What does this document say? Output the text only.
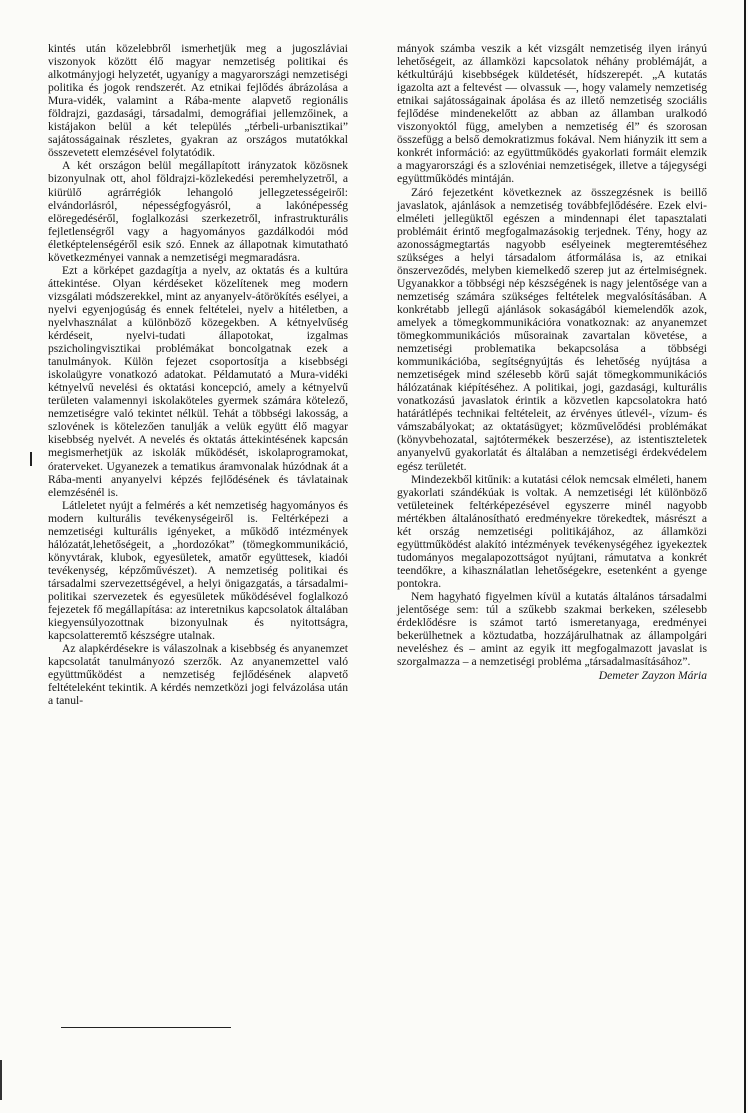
kintés után közelebbről ismerhetjük meg a jugoszláviai viszonyok között élő magyar nemzetiség politikai és alkotmányjogi helyzetét, ugyanígy a magyarországi nemzetiségi politika és jogok rendszerét. Az etnikai fejlődés ábrázolása a Mura-vidék, valamint a Rába-mente alapvető regionális földrajzi, gazdasági, társadalmi, demográfiai jellemzőinek, a kistájakon belül a két település „térbeli-urbanisztikai” sajátosságainak részletes, gyakran az országos mutatókkal összevetett elemzésével folytatódik.

A két országon belül megállapított irányzatok közösnek bizonyulnak ott, ahol földrajzi-közlekedési peremhelyzetről, a kiürülő agrárrégiók lehangoló jellegzetességeiről: elvándorlásról, népességfogyásról, a lakónépesség elöregedéséről, foglalkozási szerkezetről, infrastrukturális fejletlenségről vagy a hagyományos gazdálkodói mód életképtelenségéről esik szó. Ennek az állapotnak kimutatható következményei vannak a nemzetiségi megmaradásra.

Ezt a körképet gazdagítja a nyelv, az oktatás és a kultúra áttekintése. Olyan kérdéseket közelítenek meg modern vizsgálati módszerekkel, mint az anyanyelv-átörökítés esélyei, a nyelvi egyenjogúság és ennek feltételei, nyelv a hitéletben, a nyelvhasználat a különböző közegekben. A kétnyelvűség kérdéseit, nyelvi-tudati állapotokat, izgalmas pszicholingvisztikai problémákat boncolgatnak ezek a tanulmányok. Külön fejezet csoportosítja a kisebbségi iskolaügyre vonatkozó adatokat. Példamutató a Mura-vidéki kétnyelvű nevelési és oktatási koncepció, amely a kétnyelvű területen valamennyi iskolaköteles gyermek számára kötelező, nemzetiségre való tekintet nélkül. Tehát a többségi lakosság, a szlovének is kötelezően tanulják a velük együtt élő magyar kisebbség nyelvét. A nevelés és oktatás áttekintésének kapcsán megismerhetjük az iskolák működését, iskolaprogramokat, óraterveket. Ugyanezek a tematikus áramvonalak húzódnak át a Rába-menti anyanyelvi képzés fejlődésének és távlatainak elemzésénél is.

Látleletet nyújt a felmérés a két nemzetiség hagyományos és modern kulturális tevékenységeiről is. Feltérképezi a nemzetiségi kulturális igényeket, a működő intézmények hálózatát,lehetőségeit, a „hordozókat” (tömegkommunikáció, könyvtárak, klubok, egyesületek, amatőr együttesek, kiadói tevékenység, képzőművészet). A nemzetiség politikai és társadalmi szervezettségével, a helyi önigazgatás, a társadalmi-politikai szervezetek és egyesületek működésével foglalkozó fejezetek fő megállapítása: az interetnikus kapcsolatok általában kiegyensúlyozottnak bizonyulnak és nyitottságra, kapcsolatteremtő készségre utalnak.

Az alapkérdésekre is válaszolnak a kisebbség és anyanemzet kapcsolatát tanulmányozó szerzők. Az anyanemzettel való együttműködést a nemzetiség fejlődésének alapvető feltételeként tekintik. A kérdés nemzetközi jogi felvázolása után a tanul-

mányok számba veszik a két vizsgált nemzetiség ilyen irányú lehetőségeit, az államközi kapcsolatok néhány problémáját, a kétkultúrájú kisebbségek küldetését, hídszerepét. „A kutatás igazolta azt a feltevést — olvassuk —, hogy valamely nemzetiség etnikai sajátosságainak ápolása és az illető nemzetiség szociális fejlődése mindenekelőtt az abban az államban uralkodó viszonyoktól függ, amelyben a nemzetiség él” és szorosan összefügg a belső demokratizmus fokával. Nem hiányzik itt sem a konkrét információ: az együttműködés gyakorlati formáit elemzik a magyarországi és a szlovéniai nemzetiségek, illetve a tájegységi együttműködés mintáján.

Záró fejezetként következnek az összegzésnek is beillő javaslatok, ajánlások a nemzetiség továbbfejlődésére. Ezek elvi-elméleti jellegüktől egészen a mindennapi élet tapasztalati problémáit érintő megfogalmazásokig terjednek. Tény, hogy az azonosságmegtartás nagyobb esélyeinek megteremtéséhez szükséges a helyi társadalom átformálása is, az etnikai önszerveződés, melyben kiemelkedő szerep jut az értelmiségnek. Ugyanakkor a többségi nép készségének is nagy jelentősége van a nemzetiség számára szükséges feltételek megvalósításában. A konkrétabb jellegű ajánlások sokaságából kiemelendők azok, amelyek a tömegkommunikációra vonatkoznak: az anyanemzet tömegkommunikációs műsorainak zavartalan követése, a nemzetiségi problematika bekapcsolása a többségi kommunikációba, segítségnyújtás és lehetőség nyújtása a nemzetiségek mind szélesebb körű saját tömegkommunikációs hálózatának kiépítéséhez. A politikai, jogi, gazdasági, kulturális vonatkozású javaslatok érintik a közvetlen kapcsolatokra ható határátlépés technikai feltételeit, az érvényes útlevél-, vízum- és vámszabályokat; az oktatásügyet; közművelődési problémákat (könyvbehozatal, sajtótermékek beszerzése), az istentiszteletek anyanyelvű gyakorlatát és általában a nemzetiségi érdekvédelem egész területét.

Mindezekből kitűnik: a kutatási célok nemcsak elméleti, hanem gyakorlati szándékúak is voltak. A nemzetiségi lét különböző vetületeinek feltérképezésével egyszerre minél nagyobb mértékben általánosítható eredményekre törekedtek, másrészt a két ország nemzetiségi politikájához, az államközi együttműködést alakító intézmények tevékenységéhez igyekeztek tudományos megalapozottságot nyújtani, rámutatva a konkrét teendőkre, a kihasználatlan lehetőségekre, esetenként a gyenge pontokra.

Nem hagyható figyelmen kívül a kutatás általános társadalmi jelentősége sem: túl a szűkebb szakmai berkeken, szélesebb érdeklődésre is számot tartó ismeretanyaga, eredményei bekerülhetnek a köztudatba, hozzájárulhatnak az állampolgári neveléshez és – amint az egyik itt megfogalmazott javaslat is szorgalmazza – a nemzetiségi probléma „társadalmasításához”.

Demeter Zayzon Mária
